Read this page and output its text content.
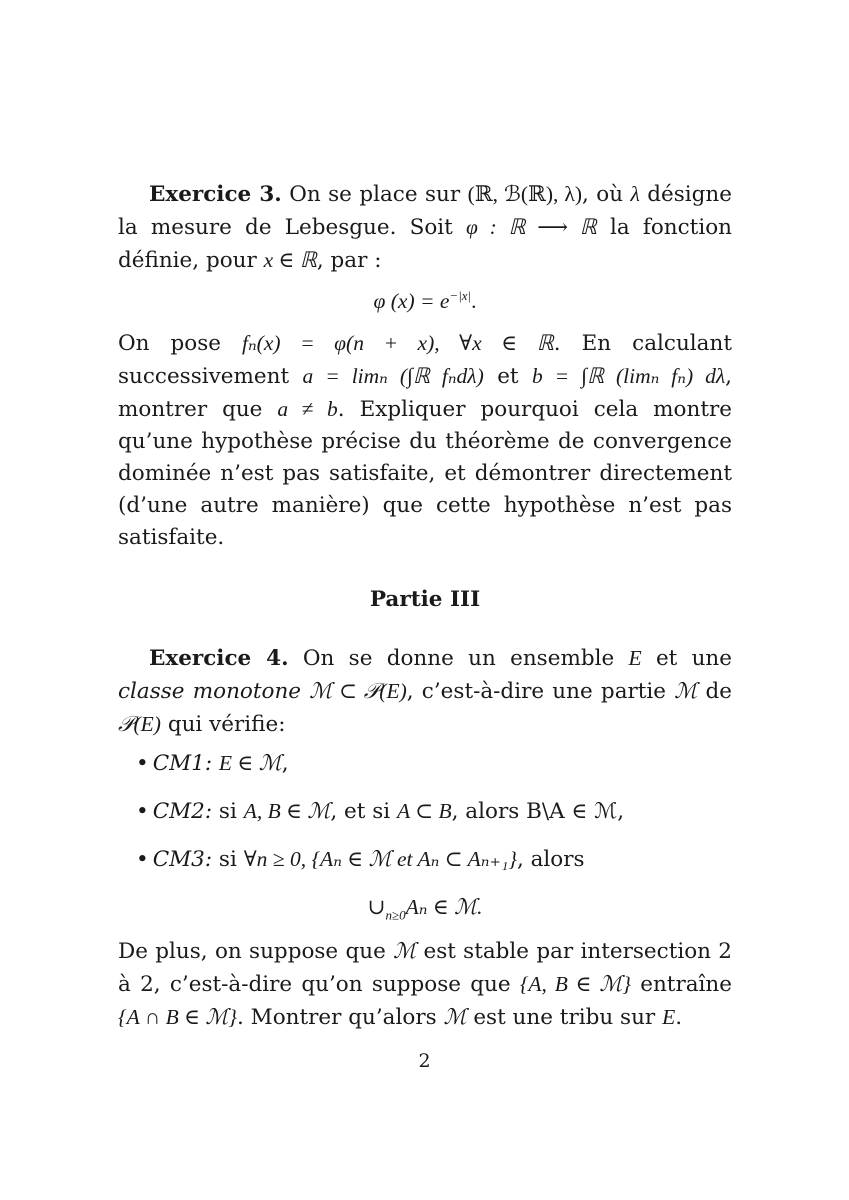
Exercice 3. On se place sur (ℝ, ℬ(ℝ), λ), où λ désigne la mesure de Lebesgue. Soit φ : ℝ ⟶ ℝ la fonction définie, pour x ∈ ℝ, par :

φ $(x) = e^{-|x|}$.

On pose fₙ(x) = φ(n + x), ∀x ∈ ℝ. En calculant successivement a = limₙ (∫ℝ fₙdλ) et b = ∫ℝ (limₙ fₙ) dλ, montrer que a ≠ b. Expliquer pourquoi cela montre qu’une hypothèse précise du théorème de convergence dominée n’est pas satisfaite, et démontrer directement (d’une autre manière) que cette hypothèse n’est pas satisfaite.

Partie III

Exercice 4. On se donne un ensemble E et une classe monotone ℳ ⊂ 𝒫(E), c’est-à-dire une partie ℳ de 𝒫(E) qui vérifie:

• CM1: E ∈ ℳ,
• CM2: si A, B ∈ ℳ, et si A ⊂ B, alors B\A ∈ ℳ,
• CM3: si ∀n ≥ 0, {Aₙ ∈ ℳ et Aₙ ⊂ Aₙ₊₁}, alors
$\cup_{n\ge 0}A_n$ ∈ ℳ.

De plus, on suppose que ℳ est stable par intersection 2 à 2, c’est-à-dire qu’on suppose que {A, B ∈ ℳ} entraîne {A ∩ B ∈ ℳ}. Montrer qu’alors ℳ est une tribu sur E.

2
